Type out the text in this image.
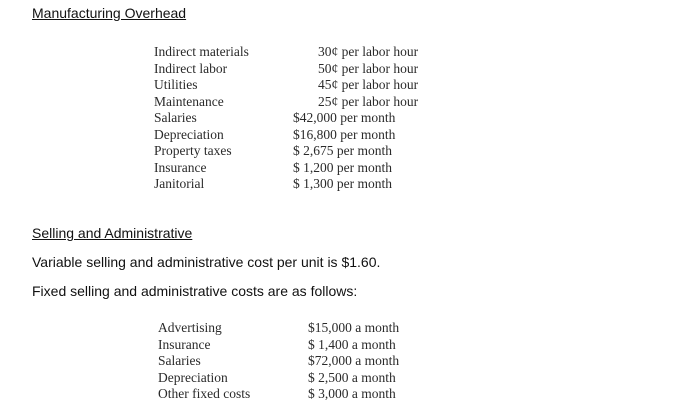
Manufacturing Overhead
Indirect materials	30¢ per labor hour
Indirect labor	50¢ per labor hour
Utilities	45¢ per labor hour
Maintenance	25¢ per labor hour
Salaries	$42,000 per month
Depreciation	$16,800 per month
Property taxes	$ 2,675 per month
Insurance	$ 1,200 per month
Janitorial	$ 1,300 per month
Selling and Administrative
Variable selling and administrative cost per unit is $1.60.
Fixed selling and administrative costs are as follows:
Advertising	$15,000 a month
Insurance	$ 1,400 a month
Salaries	$72,000 a month
Depreciation	$ 2,500 a month
Other fixed costs	$ 3,000 a month
